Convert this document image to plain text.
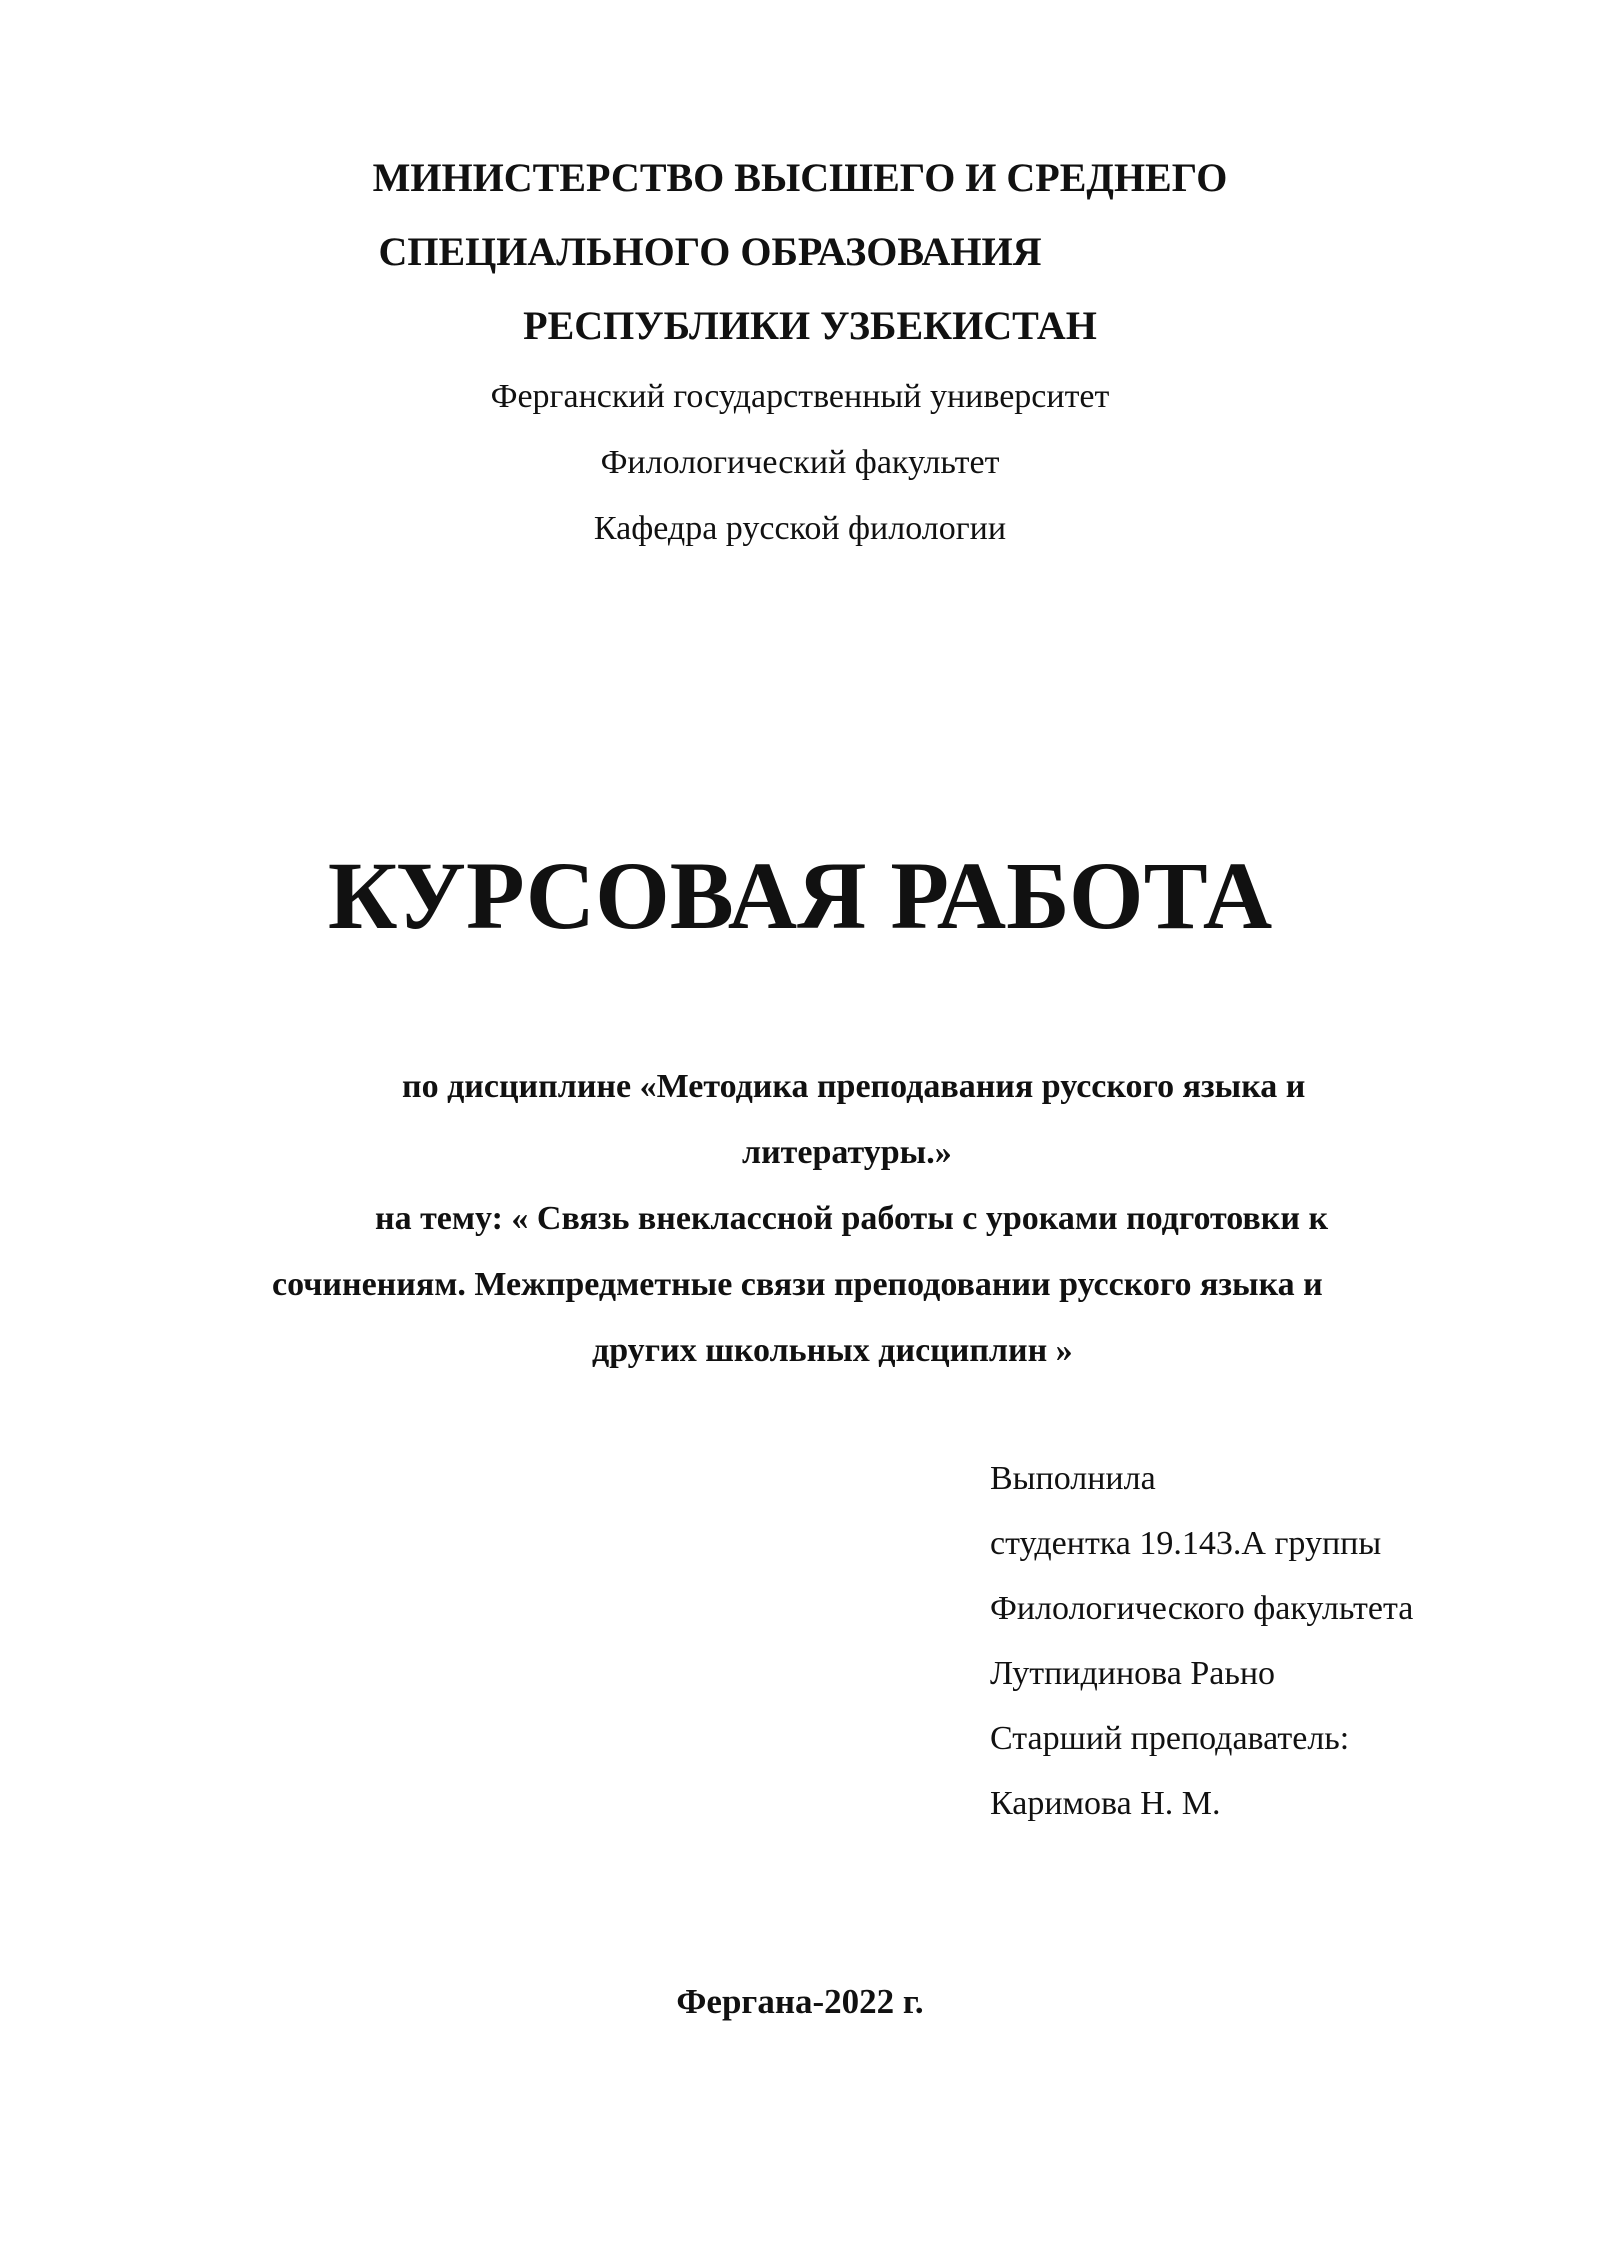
МИНИСТЕРСТВО ВЫСШЕГО И СРЕДНЕГО
СПЕЦИАЛЬНОГО ОБРАЗОВАНИЯ
РЕСПУБЛИКИ УЗБЕКИСТАН
Ферганский государственный университет
Филологический факультет
Кафедра русской филологии
КУРСОВАЯ РАБОТА
по дисциплине «Методика преподавания русского языка и
литературы.»
на тему: « Связь внеклассной работы с уроками подготовки к
сочинениям. Межпредметные связи преподовании русского языка и
других школьных дисциплин »
Выполнила
студентка 19.143.А группы
Филологического факультета
Лутпидинова Раьно
Старший преподаватель:
Каримова Н. М.
Фергана-2022 г.
